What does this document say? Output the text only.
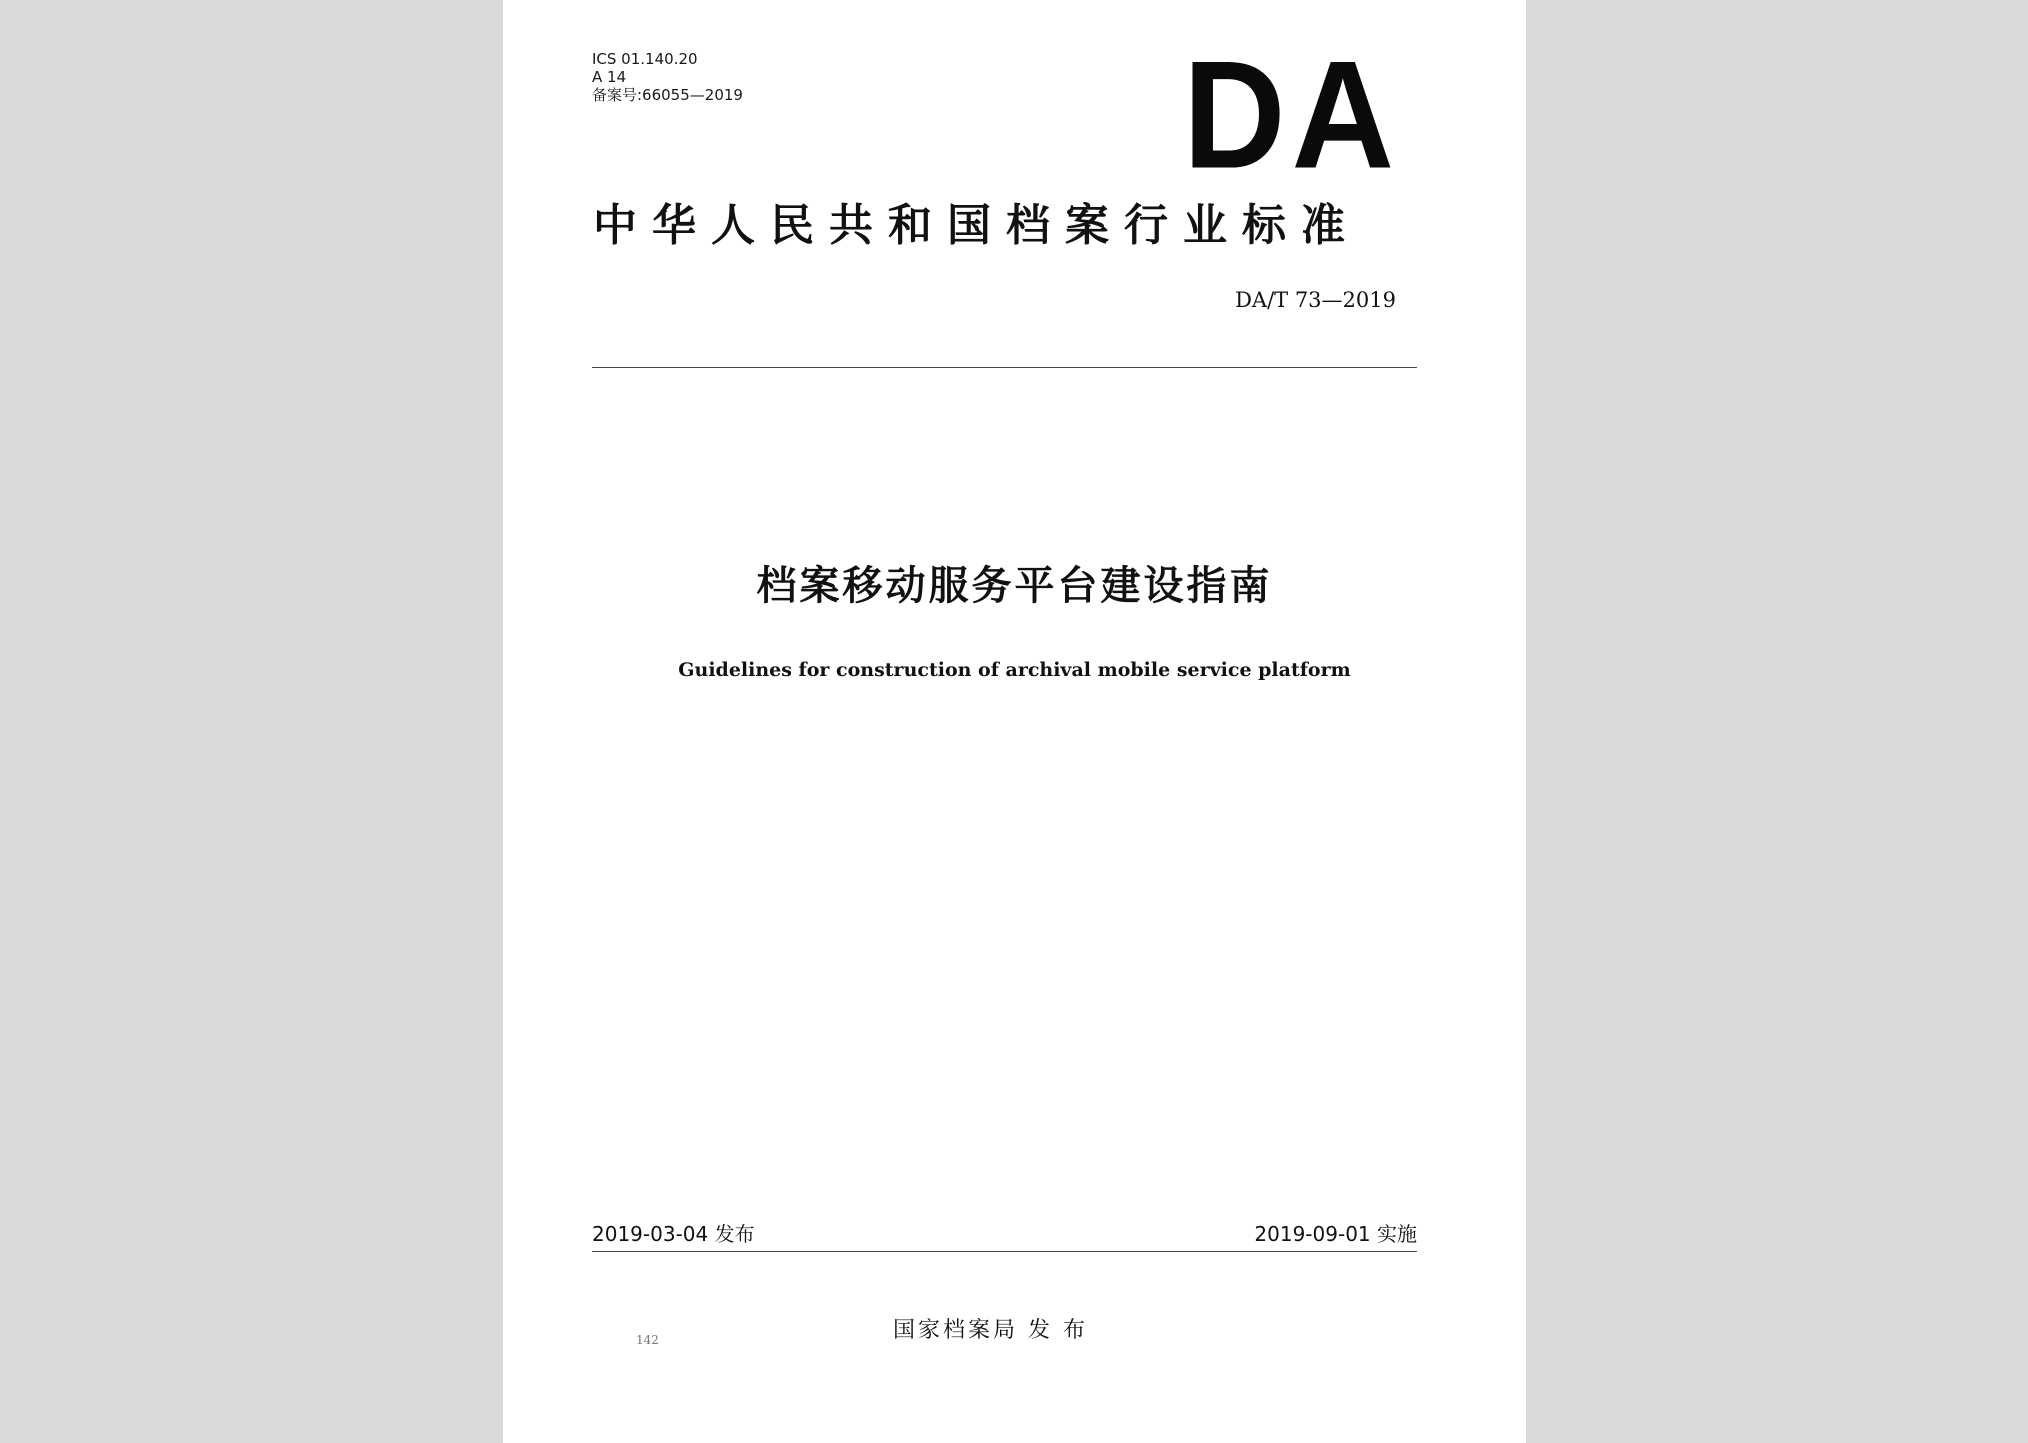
ICS 01.140.20
A 14
备案号:66055—2019	DA
中华人民共和国档案行业标准
DA/T 73—2019
档案移动服务平台建设指南
Guidelines for construction of archival mobile service platform
2019-03-04 发布	2019-09-01 实施
142	国家档案局 发 布
